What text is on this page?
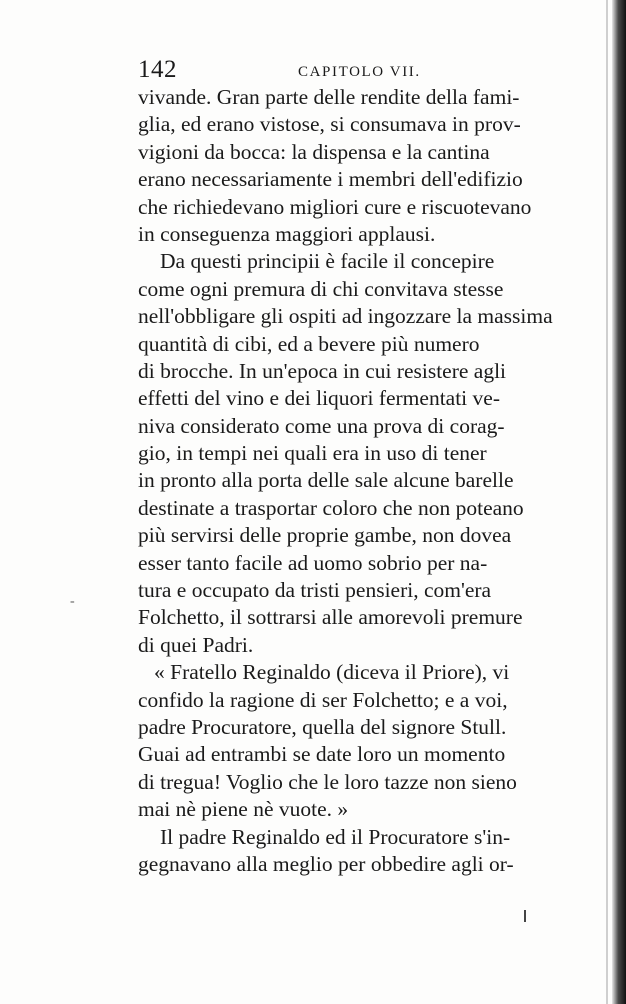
142	CAPITOLO VII.
vivande. Gran parte delle rendite della fami-
glia, ed erano vistose, si consumava in prov-
vigioni da bocca: la dispensa e la cantina
erano necessariamente i membri dell'edifizio
che richiedevano migliori cure e riscuotevano
in conseguenza maggiori applausi.
Da questi principii è facile il concepire
come ogni premura di chi convitava stesse
nell'obbligare gli ospiti ad ingozzare la massima
quantità di cibi, ed a bevere più numero
di brocche. In un'epoca in cui resistere agli
effetti del vino e dei liquori fermentati ve-
niva considerato come una prova di corag-
gio, in tempi nei quali era in uso di tener
in pronto alla porta delle sale alcune barelle
destinate a trasportar coloro che non poteano
più servirsi delle proprie gambe, non dovea
esser tanto facile ad uomo sobrio per na-
tura e occupato da tristi pensieri, com'era
Folchetto, il sottrarsi alle amorevoli premure
di quei Padri.
« Fratello Reginaldo (diceva il Priore), vi
confido la ragione di ser Folchetto; e a voi,
padre Procuratore, quella del signore Stull.
Guai ad entrambi se date loro un momento
di tregua! Voglio che le loro tazze non sieno
mai nè piene nè vuote. »
Il padre Reginaldo ed il Procuratore s'in-
gegnavano alla meglio per obbedire agli or-
-
